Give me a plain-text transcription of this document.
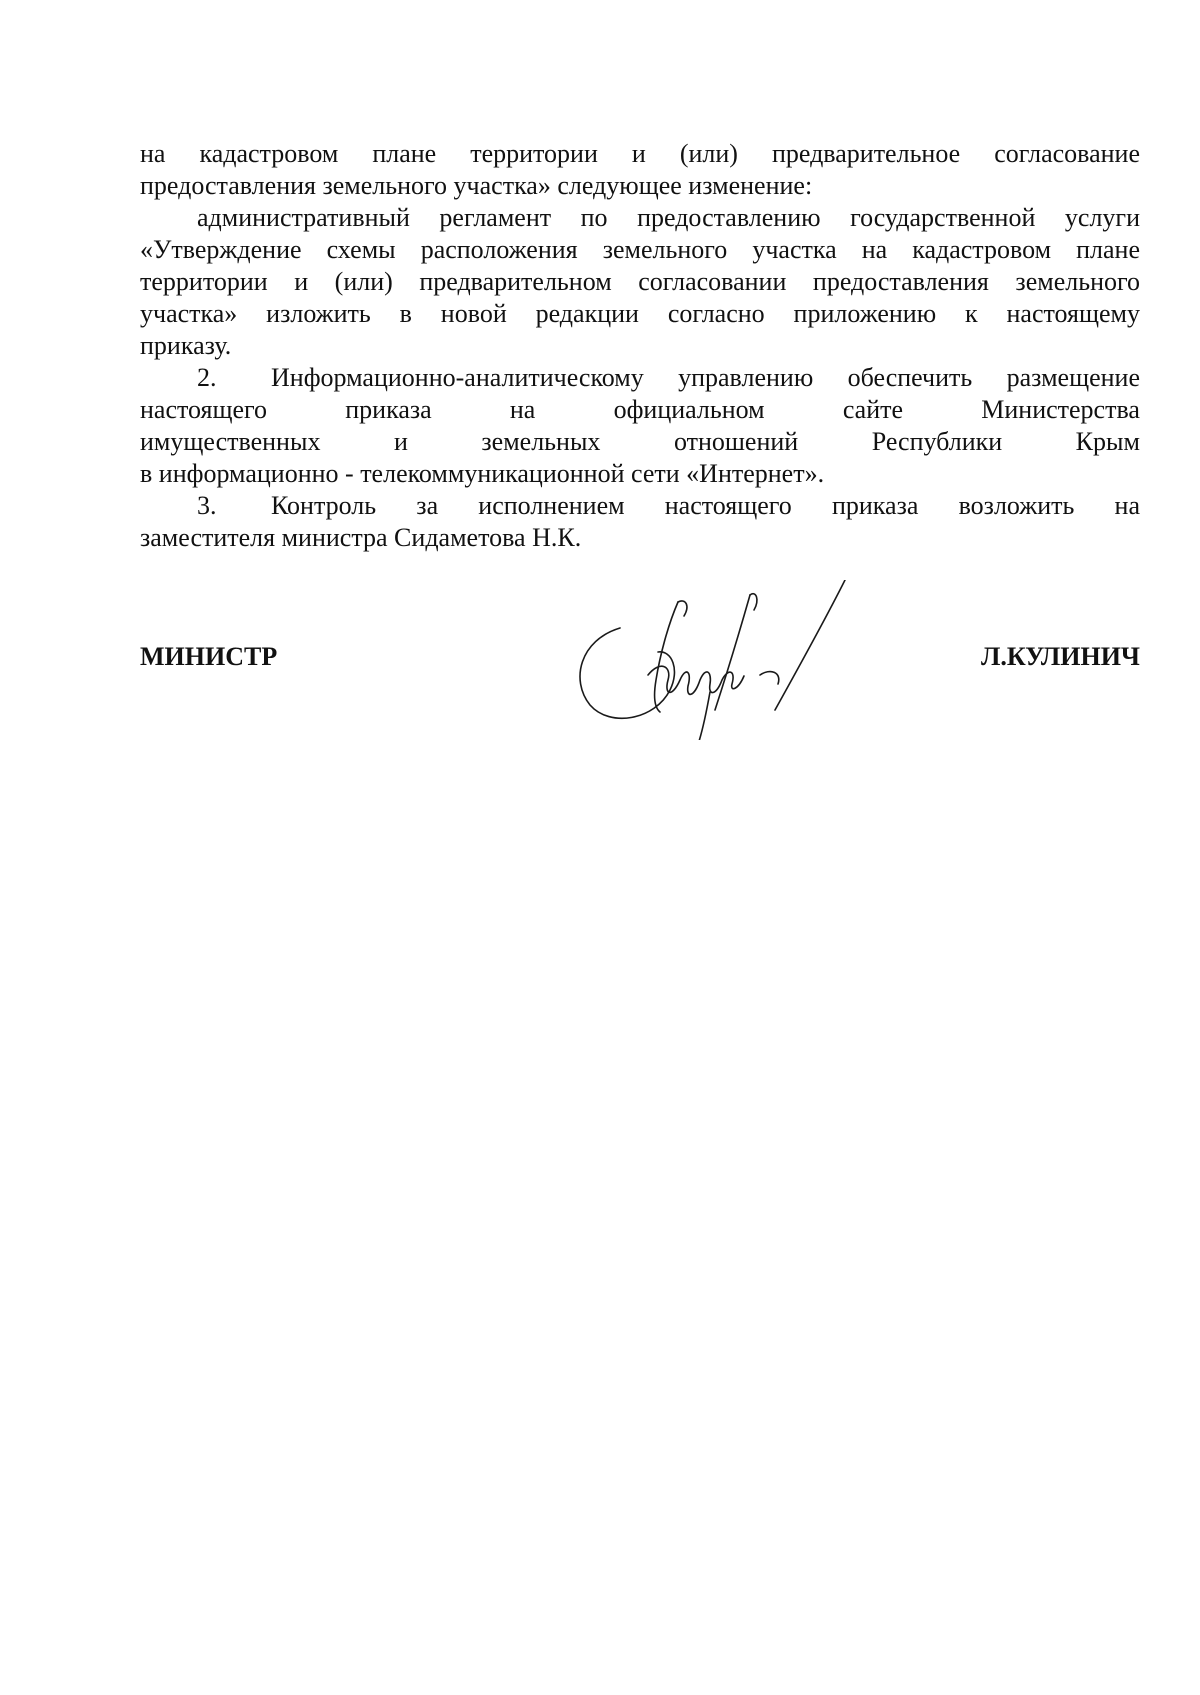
на кадастровом плане территории и (или) предварительное согласование
предоставления земельного участка» следующее изменение:
административный регламент по предоставлению государственной услуги
«Утверждение схемы расположения земельного участка на кадастровом плане
территории и (или) предварительном согласовании предоставления земельного
участка» изложить в новой редакции согласно приложению к настоящему
приказу.
2.	Информационно-аналитическому управлению обеспечить размещение
настоящего	приказа	на	официальном	сайте	Министерства
имущественных	и	земельных	отношений	Республики	Крым
в информационно - телекоммуникационной сети «Интернет».
3.	Контроль за исполнением настоящего приказа возложить на
заместителя министра Сидаметова Н.К.
МИНИСТР	Л.КУЛИНИЧ
